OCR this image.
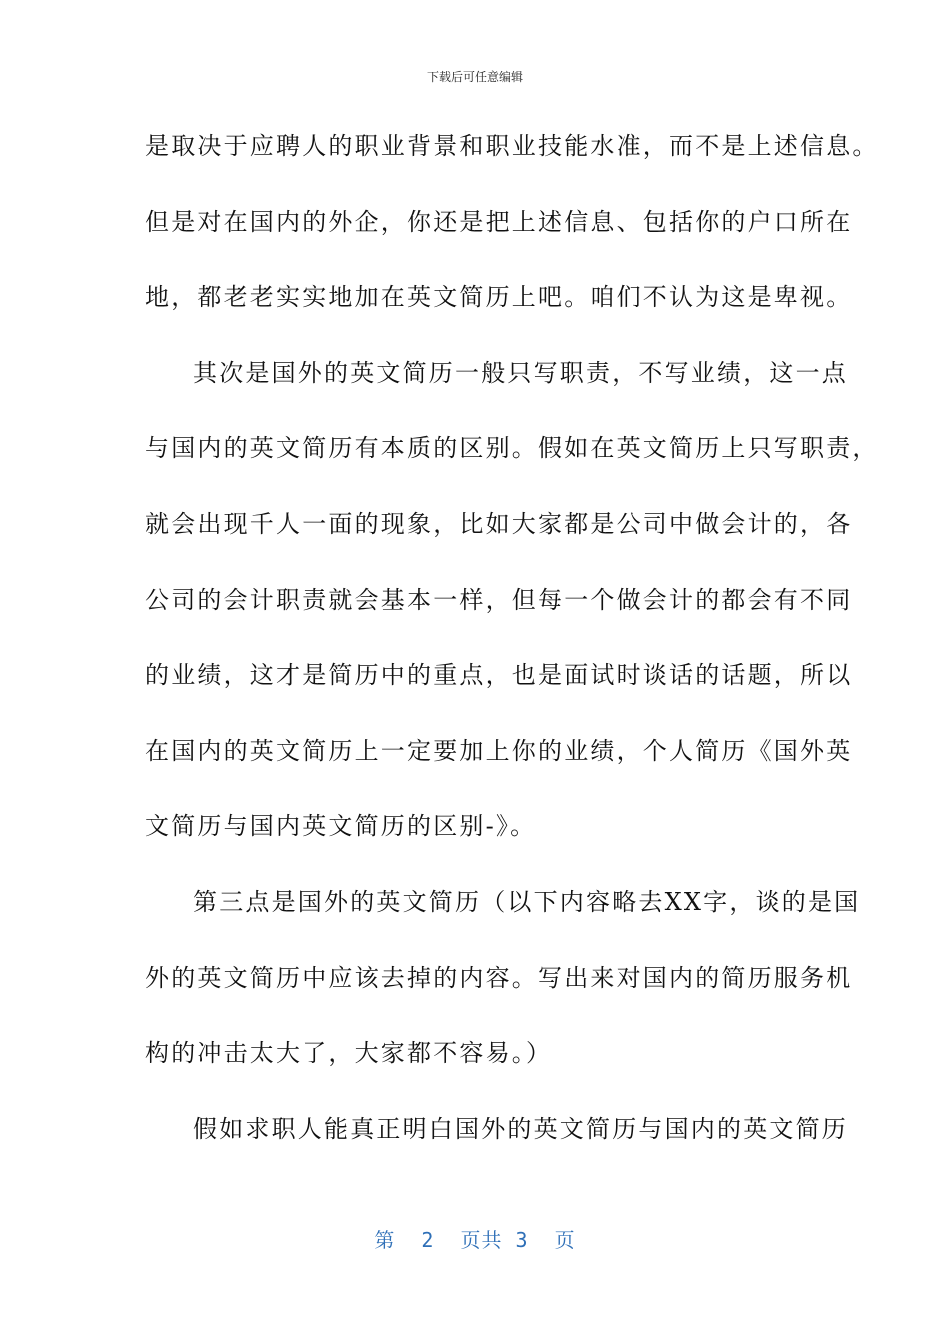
下载后可任意编辑
是取决于应聘人的职业背景和职业技能水准，而不是上述信息。
但是对在国内的外企，你还是把上述信息、包括你的户口所在
地，都老老实实地加在英文简历上吧。咱们不认为这是卑视。
其次是国外的英文简历一般只写职责，不写业绩，这一点
与国内的英文简历有本质的区别。假如在英文简历上只写职责，
就会出现千人一面的现象，比如大家都是公司中做会计的，各
公司的会计职责就会基本一样，但每一个做会计的都会有不同
的业绩，这才是简历中的重点，也是面试时谈话的话题，所以
在国内的英文简历上一定要加上你的业绩，个人简历《国外英
文简历与国内英文简历的区别-》。
第三点是国外的英文简历（以下内容略去XX字，谈的是国
外的英文简历中应该去掉的内容。写出来对国内的简历服务机
构的冲击太大了，大家都不容易。）
假如求职人能真正明白国外的英文简历与国内的英文简历
第  2  页共 3  页
